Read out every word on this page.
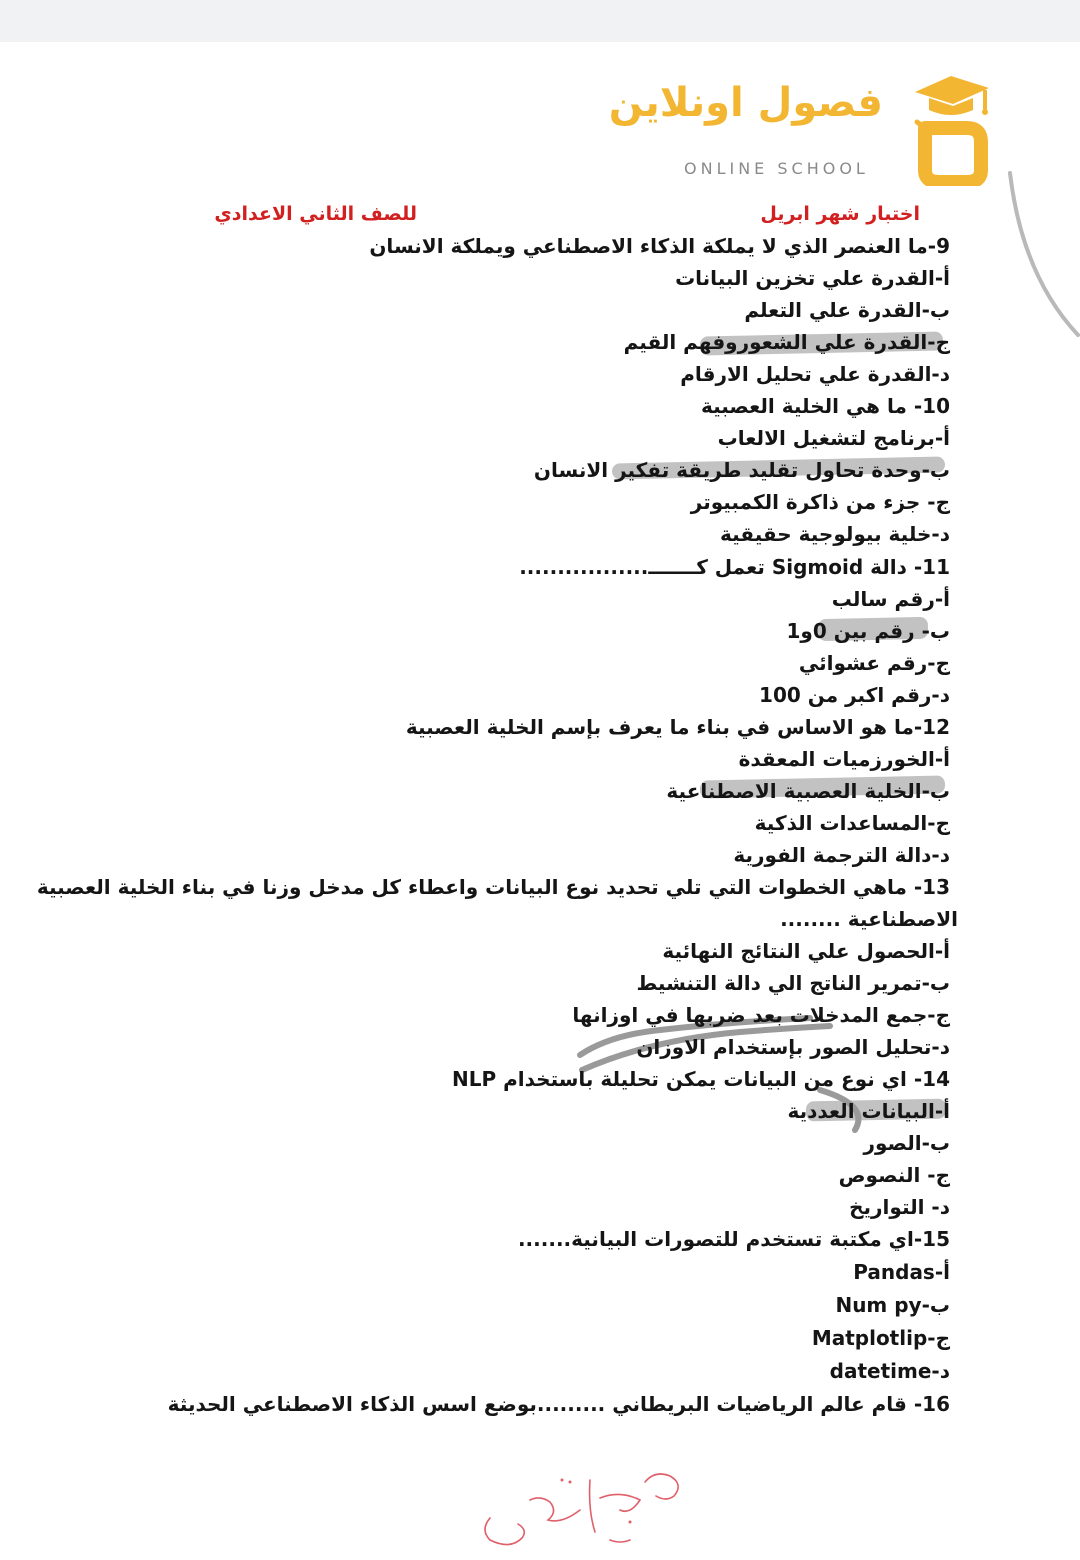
فصول اونلاين
ONLINE SCHOOL
اختبار شهر ابريل
للصف الثاني الاعدادي
9-ما العنصر الذي لا يملكة الذكاء الاصطناعي ويملكة الانسان
أ-القدرة علي تخزين البيانات
ب-القدرة علي التعلم
ج-القدرة علي الشعوروفهم القيم
د-القدرة علي تحليل الارقام
10- ما هي الخلية العصبية
أ-برنامج لتشغيل الالعاب
ب-وحدة تحاول تقليد طريقة تفكير الانسان
ج- جزء من ذاكرة الكمبيوتر
د-خلية بيولوجية حقيقية
11- دالة Sigmoid تعمل كـــــــ.................
أ-رقم سالب
ب- رقم بين 0و1
ج-رقم عشوائي
د-رقم اكبر من 100
12-ما هو الاساس في بناء ما يعرف بإسم الخلية العصبية
أ-الخورزميات المعقدة
ب-الخلية العصبية الاصطناعية
ج-المساعدات الذكية
د-دالة الترجمة الفورية
13- ماهي الخطوات التي تلي تحديد نوع البيانات واعطاء كل مدخل وزنا في بناء الخلية العصبية
الاصطناعية ........
أ-الحصول علي النتائج النهائية
ب-تمرير الناتج الي دالة التنشيط
ج-جمع المدخلات بعد ضربها في اوزانها
د-تحليل الصور بإستخدام الاوزان
14- اي نوع من البيانات يمكن تحليلة باستخدام NLP
أ-البيانات العددية
ب-الصور
ج- النصوص
د- التواريخ
15-اي مكتبة تستخدم للتصورات البيانية.......
أ-Pandas
ب-Num py
ج-Matplotlip
د-datetime
16- قام عالم الرياضيات البريطاني .........بوضع اسس الذكاء الاصطناعي الحديثة
